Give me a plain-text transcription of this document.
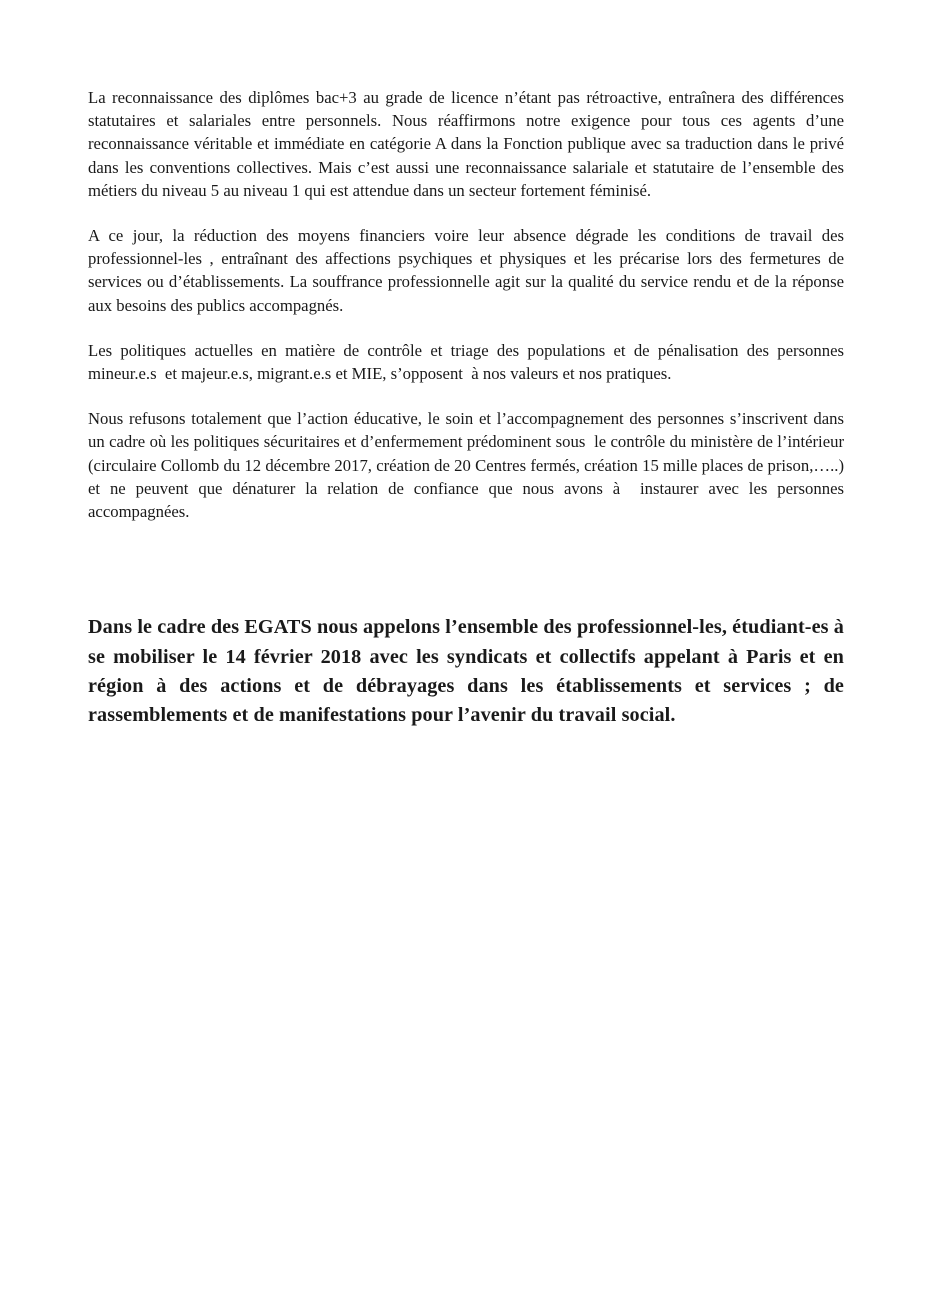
La reconnaissance des diplômes bac+3 au grade de licence n’étant pas rétroactive, entraînera des différences statutaires et salariales entre personnels. Nous réaffirmons notre exigence pour tous ces agents d’une reconnaissance véritable et immédiate en catégorie A dans la Fonction publique avec sa traduction dans le privé dans les conventions collectives. Mais c’est aussi une reconnaissance salariale et statutaire de l’ensemble des métiers du niveau 5 au niveau 1 qui est attendue dans un secteur fortement féminisé.

A ce jour, la réduction des moyens financiers voire leur absence dégrade les conditions de travail des professionnel-les , entraînant des affections psychiques et physiques et les précarise lors des fermetures de services ou d’établissements. La souffrance professionnelle agit sur la qualité du service rendu et de la réponse aux besoins des publics accompagnés.

Les politiques actuelles en matière de contrôle et triage des populations et de pénalisation des personnes mineur.e.s  et majeur.e.s, migrant.e.s et MIE, s’opposent  à nos valeurs et nos pratiques.

Nous refusons totalement que l’action éducative, le soin et l’accompagnement des personnes s’inscrivent dans un cadre où les politiques sécuritaires et d’enfermement prédominent sous  le contrôle du ministère de l’intérieur (circulaire Collomb du 12 décembre 2017, création de 20 Centres fermés, création 15 mille places de prison,…..) et ne peuvent que dénaturer la relation de confiance que nous avons à  instaurer avec les personnes accompagnées.

Dans le cadre des EGATS nous appelons l’ensemble des professionnel-les, étudiant-es à se mobiliser le 14 février 2018 avec les syndicats et collectifs appelant à Paris et en région à des actions et de débrayages dans les établissements et services ; de rassemblements et de manifestations pour l’avenir du travail social.
